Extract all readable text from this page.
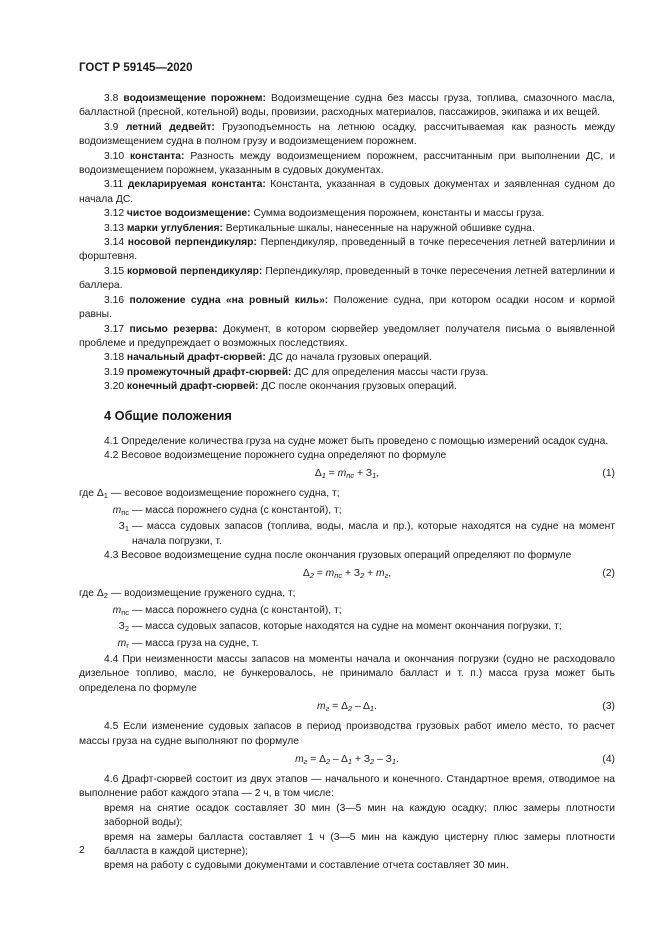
ГОСТ Р 59145—2020

3.8 водоизмещение порожнем: Водоизмещение судна без массы груза, топлива, смазочного масла, балластной (пресной, котельной) воды, провизии, расходных материалов, пассажиров, экипажа и их вещей.

3.9 летний дедвейт: Грузоподъемность на летнюю осадку, рассчитываемая как разность между водоизмещением судна в полном грузу и водоизмещением порожнем.

3.10 константа: Разность между водоизмещением порожнем, рассчитанным при выполнении ДС, и водоизмещением порожнем, указанным в судовых документах.

3.11 декларируемая константа: Константа, указанная в судовых документах и заявленная судном до начала ДС.

3.12 чистое водоизмещение: Сумма водоизмещения порожнем, константы и массы груза.

3.13 марки углубления: Вертикальные шкалы, нанесенные на наружной обшивке судна.

3.14 носовой перпендикуляр: Перпендикуляр, проведенный в точке пересечения летней ватерлинии и форштевня.

3.15 кормовой перпендикуляр: Перпендикуляр, проведенный в точке пересечения летней ватерлинии и баллера.

3.16 положение судна «на ровный киль»: Положение судна, при котором осадки носом и кормой равны.

3.17 письмо резерва: Документ, в котором сюрвейер уведомляет получателя письма о выявленной проблеме и предупреждает о возможных последствиях.

3.18 начальный драфт-сюрвей: ДС до начала грузовых операций.

3.19 промежуточный драфт-сюрвей: ДС для определения массы части груза.

3.20 конечный драфт-сюрвей: ДС после окончания грузовых операций.

4 Общие положения

4.1 Определение количества груза на судне может быть проведено с помощью измерений осадок судна.

4.2 Весовое водоизмещение порожнего судна определяют по формуле

$\Delta_1 = m_{пс} + З_1$,	(1)
где $\Delta_1$ — весовое водоизмещение порожнего судна, т;
$m_{пс}$ — масса порожнего судна (с константой), т;
$З_1$ — масса судовых запасов (топлива, воды, масла и пр.), которые находятся на судне на момент начала погрузки, т.

4.3 Весовое водоизмещение судна после окончания грузовых операций определяют по формуле

$\Delta_2 = m_{пс} + З_2 + m_г$,	(2)
где $\Delta_2$ — водоизмещение груженого судна, т;
$m_{пс}$ — масса порожнего судна (с константой), т;
$З_2$ — масса судовых запасов, которые находятся на судне на момент окончания погрузки, т;
$m_г$ — масса груза на судне, т.

4.4 При неизменности массы запасов на моменты начала и окончания погрузки (судно не расходовало дизельное топливо, масло, не бункеровалось, не принимало балласт и т. п.) масса груза может быть определена по формуле

$m_г = \Delta_2 - \Delta_1$.	(3)

4.5 Если изменение судовых запасов в период производства грузовых работ имело место, то расчет массы груза на судне выполняют по формуле

$m_г = \Delta_2 - \Delta_1 + З_2 - З_1$.	(4)

4.6 Драфт-сюрвей состоит из двух этапов — начального и конечного. Стандартное время, отводимое на выполнение работ каждого этапа — 2 ч, в том числе:

время на снятие осадок составляет 30 мин (3—5 мин на каждую осадку; плюс замеры плотности заборной воды);

время на замеры балласта составляет 1 ч (3—5 мин на каждую цистерну плюс замеры плотности балласта в каждой цистерне);

время на работу с судовыми документами и составление отчета составляет 30 мин.

2
